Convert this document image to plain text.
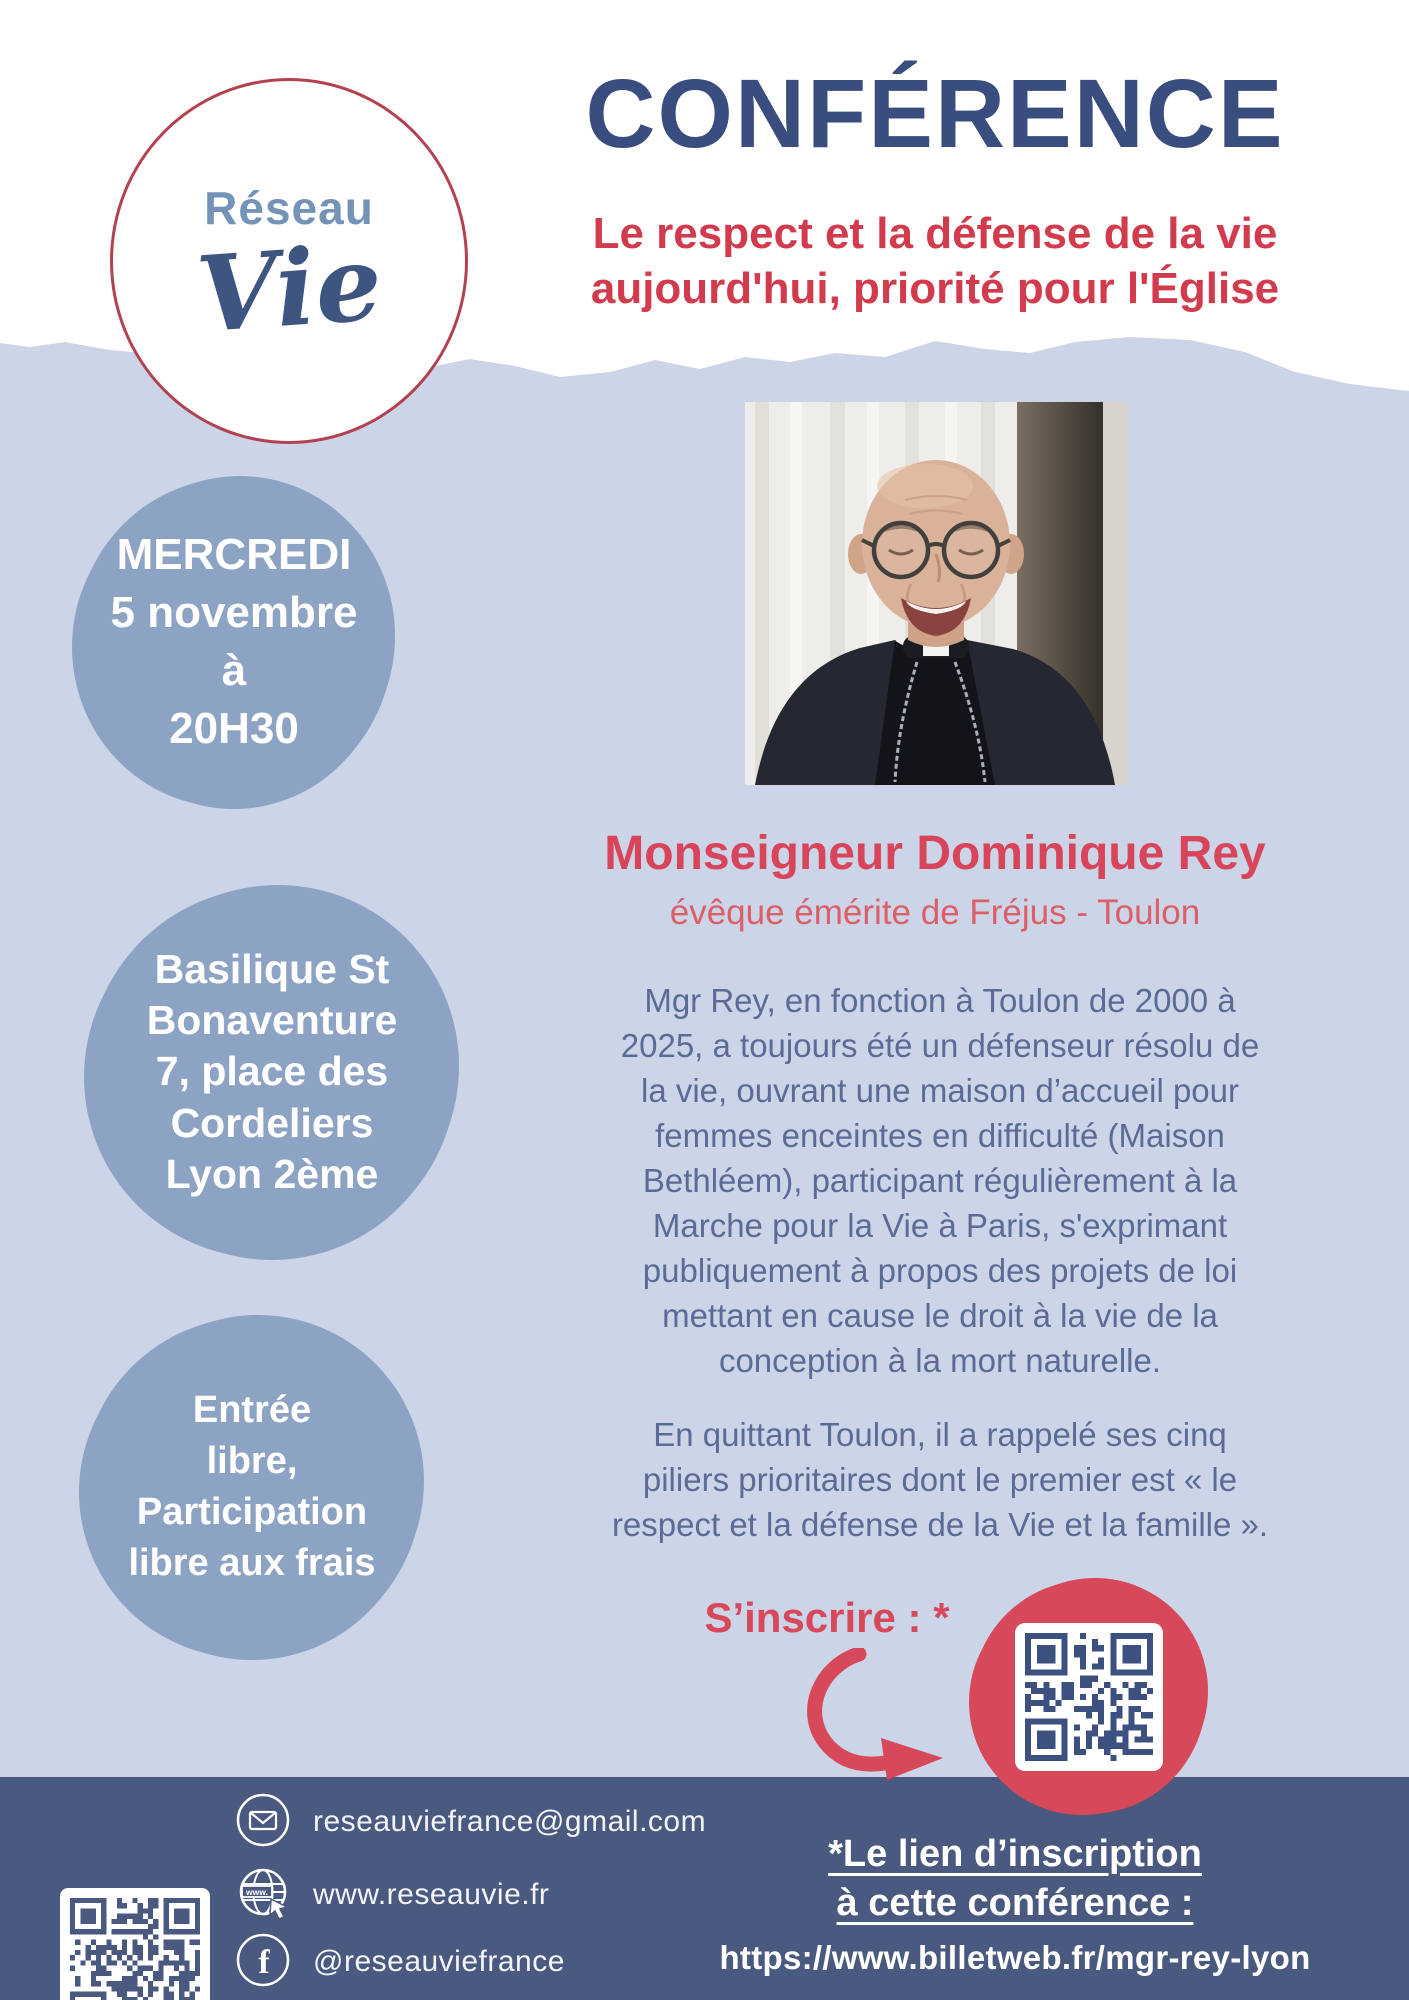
Réseau
Vie
CONFÉRENCE
Le respect et la défense de la vie
aujourd'hui, priorité pour l'Église
MERCREDI
5 novembre
à
20H30
Basilique St
Bonaventure
7, place des
Cordeliers
Lyon 2ème
Entrée
libre,
Participation
libre aux frais
Monseigneur Dominique Rey
évêque émérite de Fréjus - Toulon
Mgr Rey, en fonction à Toulon de 2000 à
2025, a toujours été un défenseur résolu de
la vie, ouvrant une maison d’accueil pour
femmes enceintes en difficulté (Maison
Bethléem), participant régulièrement à la
Marche pour la Vie à Paris, s'exprimant
publiquement à propos des projets de loi
mettant en cause le droit à la vie de la
conception à la mort naturelle.
En quittant Toulon, il a rappelé ses cinq
piliers prioritaires dont le premier est « le
respect et la défense de la Vie et la famille ».
S’inscrire : *
reseauviefrance@gmail.com
www. www.reseauvie.fr
f @reseauviefrance
*Le lien d’inscription
à cette conférence :
https://www.billetweb.fr/mgr-rey-lyon
